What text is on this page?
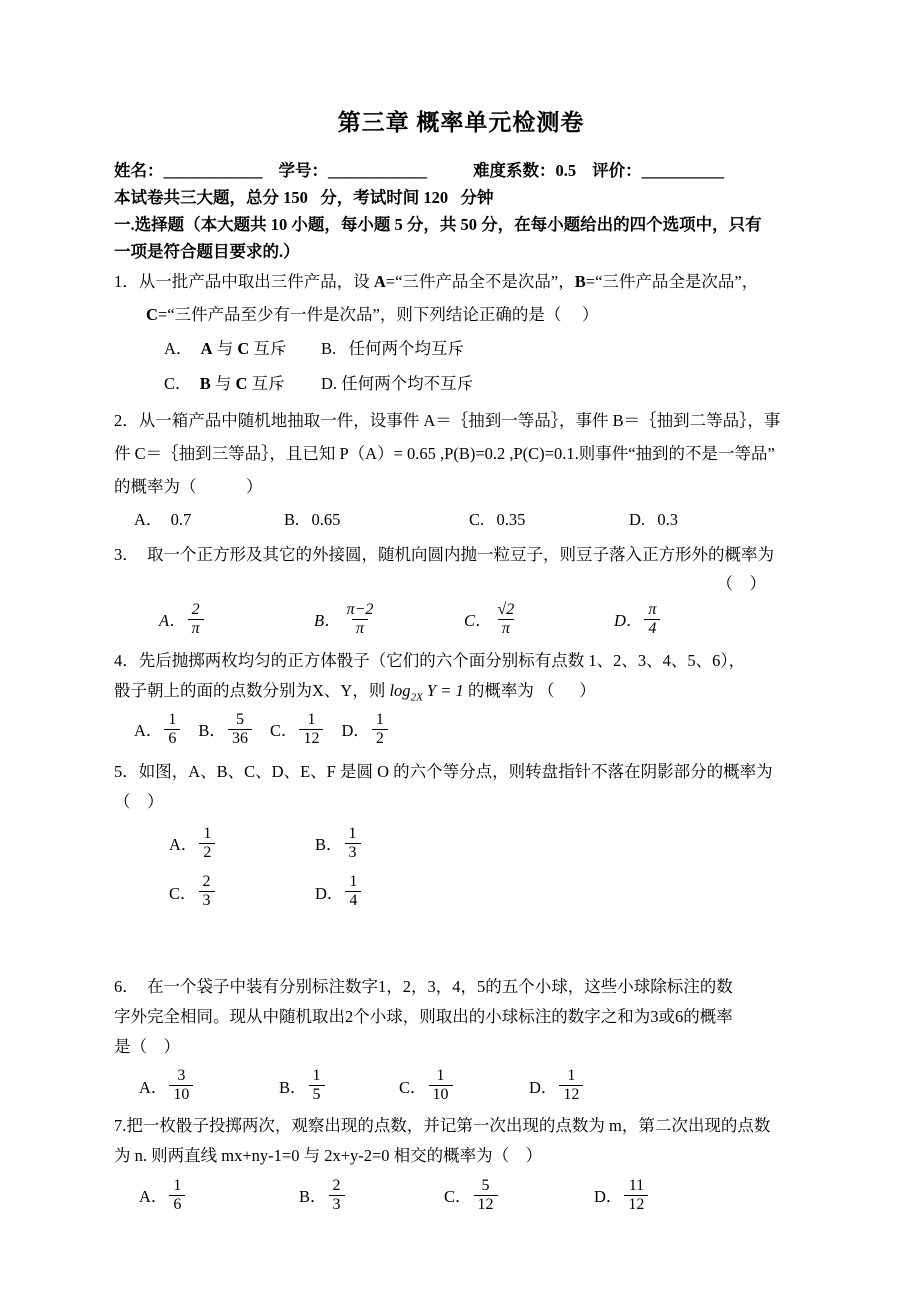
第三章 概率单元检测卷
姓名：____________ 学号：____________	难度系数：0.5 评价：__________
本试卷共三大题，总分 150   分，考试时间 120   分钟
一.选择题（本大题共 10 小题，每小题 5 分，共 50 分，在每小题给出的四个选项中，只有
一项是符合题目要求的.）
1．从一批产品中取出三件产品，设 A=“三件产品全不是次品”，B=“三件产品全是次品”，
C=“三件产品至少有一件是次品”，则下列结论正确的是（     ）
A． A 与 C 互斥 B.   任何两个均互斥
C． B 与 C 互斥 D. 任何两个均不互斥
2．从一箱产品中随机地抽取一件，设事件 A＝｛抽到一等品｝，事件 B＝｛抽到二等品｝，事
件 C＝｛抽到三等品｝，且已知 P（A）= 0.65 ,P(B)=0.2 ,P(C)=0.1.则事件“抽到的不是一等品”
的概率为（            ）
A．  0.7	B.   0.65	C.   0.35	D.   0.3
3．  取一个正方形及其它的外接圆，随机向圆内抛一粒豆子，则豆子落入正方形外的概率为
（    ）
A． $\frac{2}{\pi}$	B． $\frac{\pi-2}{\pi}$	C． $\frac{√2}{\pi}$	D． $\frac{\pi}{4}$
4．先后抛掷两枚均匀的正方体骰子（它们的六个面分别标有点数 1、2、3、4、5、6），
骰子朝上的面的点数分别为X、Y，则 $\log_{2X} Y = 1$ 的概率为 （      ）
A． $\frac{1}{6}$ B． $\frac{5}{36}$ C． $\frac{1}{12}$ D． $\frac{1}{2}$
5．如图，A、B、C、D、E、F 是圆 O 的六个等分点，则转盘指针不落在阴影部分的概率为
（    ）
A． $\frac{1}{2}$	B． $\frac{1}{3}$
C． $\frac{2}{3}$	D． $\frac{1}{4}$
6．  在一个袋子中装有分别标注数字1，2，3，4，5的五个小球，这些小球除标注的数
字外完全相同。现从中随机取出2个小球，则取出的小球标注的数字之和为3或6的概率
是（    ）
A． $\frac{3}{10}$	B． $\frac{1}{5}$	C． $\frac{1}{10}$	D． $\frac{1}{12}$
7.把一枚骰子投掷两次，观察出现的点数，并记第一次出现的点数为 m，第二次出现的点数
为 n. 则两直线 mx+ny-1=0 与 2x+y-2=0 相交的概率为（    ）
A． $\frac{1}{6}$	B． $\frac{2}{3}$	C． $\frac{5}{12}$	D． $\frac{11}{12}$
